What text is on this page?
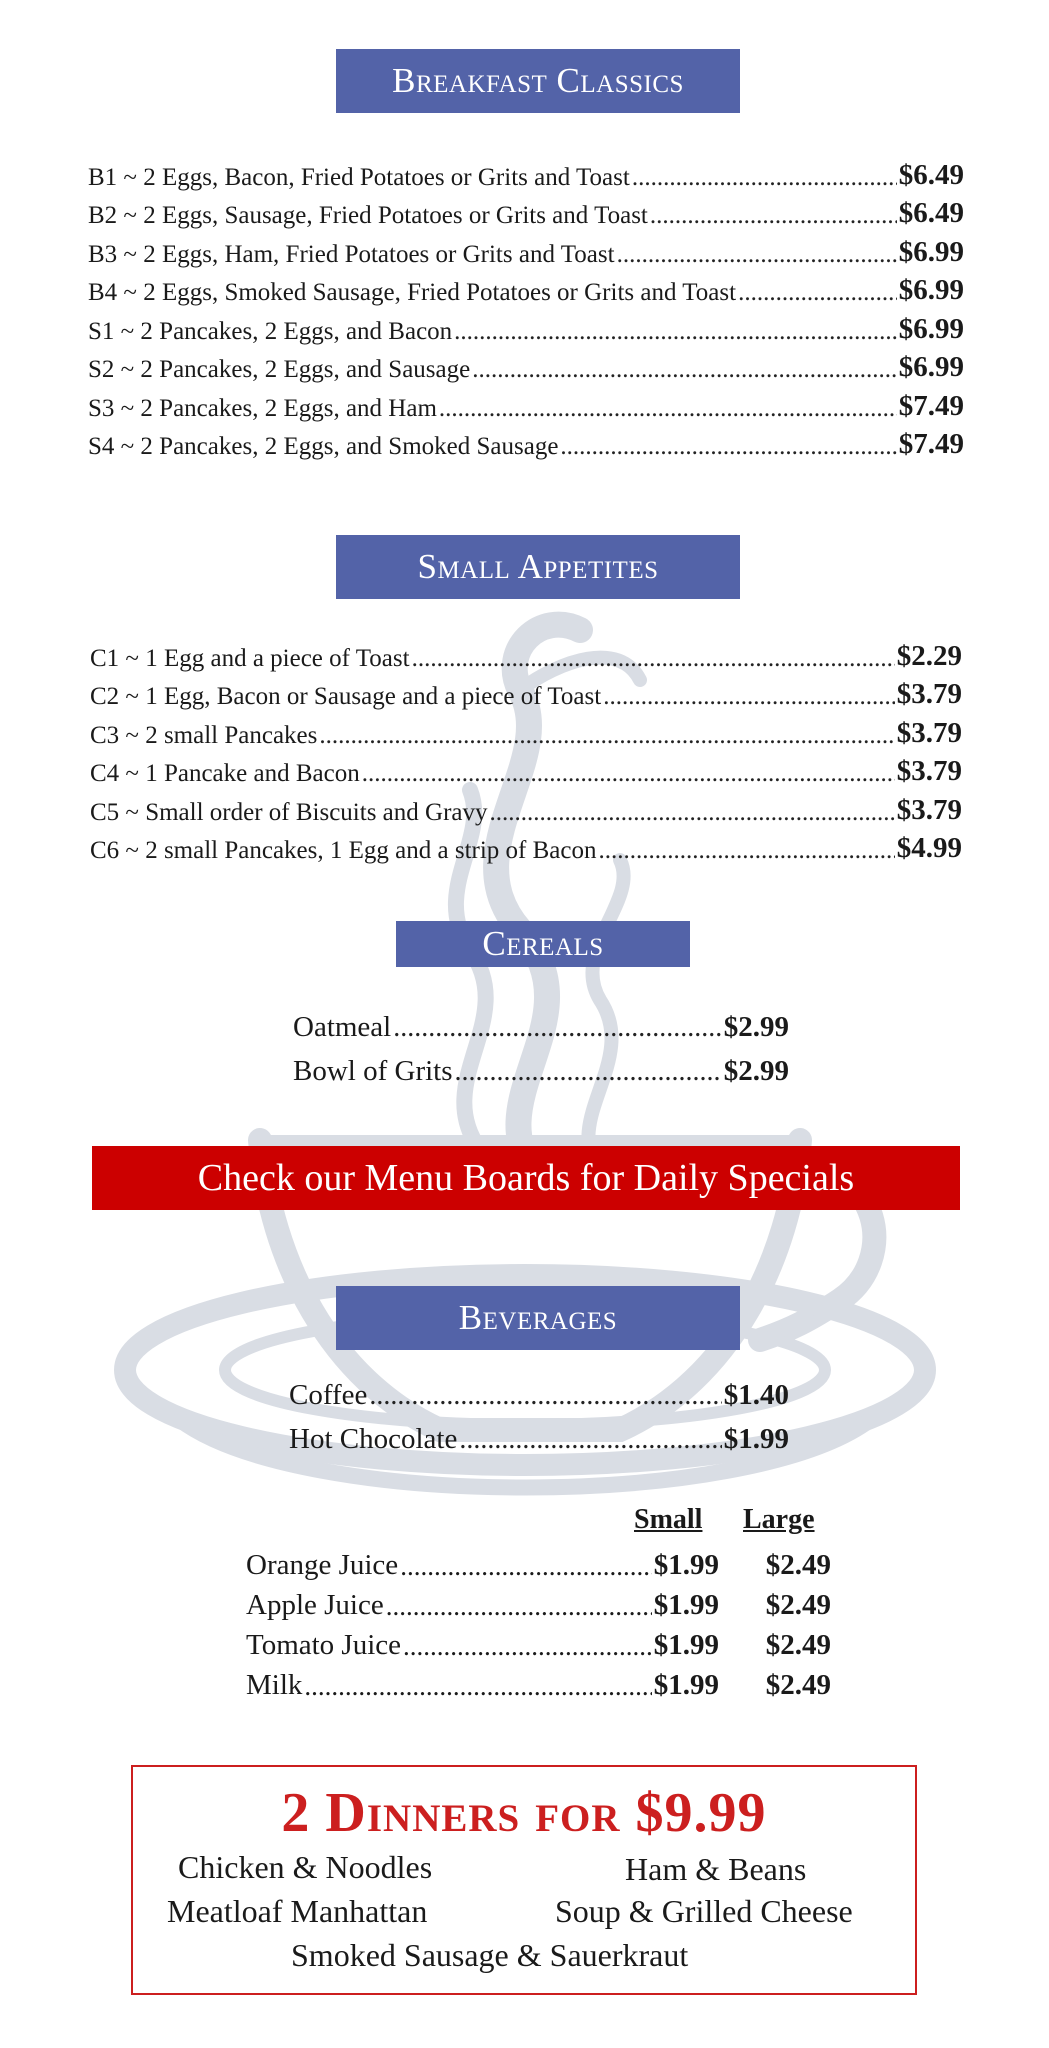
Breakfast Classics
B1 ~ 2 Eggs, Bacon, Fried Potatoes or Grits and Toast .....	$6.49
B2 ~ 2 Eggs, Sausage, Fried Potatoes or Grits and Toast .....	$6.49
B3 ~ 2 Eggs, Ham, Fried Potatoes or Grits and Toast .....	$6.99
B4 ~ 2 Eggs, Smoked Sausage, Fried Potatoes or Grits and Toast .....	$6.99
S1 ~ 2 Pancakes, 2 Eggs, and Bacon .....	$6.99
S2 ~ 2 Pancakes, 2 Eggs, and Sausage .....	$6.99
S3 ~ 2 Pancakes, 2 Eggs, and Ham .....	$7.49
S4 ~ 2 Pancakes, 2 Eggs, and Smoked Sausage .....	$7.49
Small Appetites
C1 ~ 1 Egg and a piece of Toast .....	$2.29
C2 ~ 1 Egg, Bacon or Sausage and a piece of Toast .....	$3.79
C3 ~ 2 small Pancakes .....	$3.79
C4 ~ 1 Pancake and Bacon .....	$3.79
C5 ~ Small order of Biscuits and Gravy .....	$3.79
C6 ~ 2 small Pancakes, 1 Egg and a strip of Bacon .....	$4.99
Cereals
Oatmeal .....	$2.99
Bowl of Grits .....	$2.99
Check our Menu Boards for Daily Specials
Beverages
Coffee .....	$1.40
Hot Chocolate .....	$1.99
Small Large
Orange Juice .....	$1.99	$2.49
Apple Juice .....	$1.99	$2.49
Tomato Juice .....	$1.99	$2.49
Milk .....	$1.99	$2.49
2 Dinners for $9.99
Chicken & Noodles	Ham & Beans
Meatloaf Manhattan	Soup & Grilled Cheese
Smoked Sausage & Sauerkraut
